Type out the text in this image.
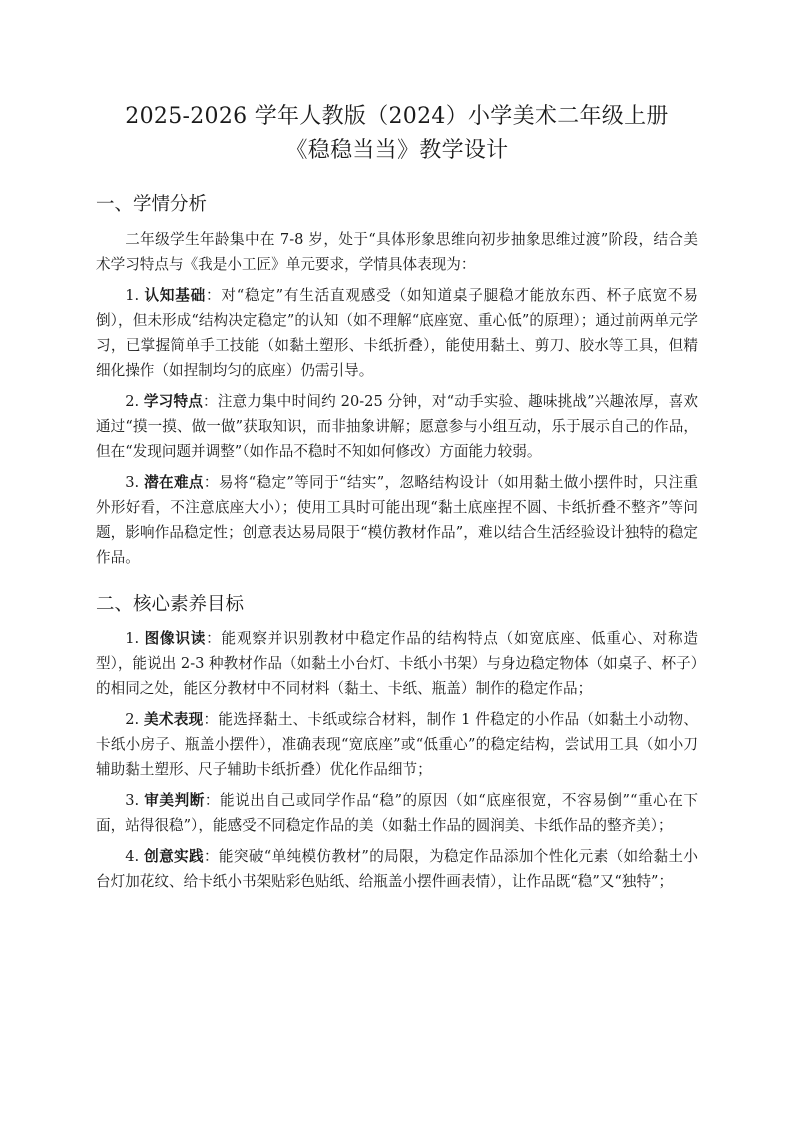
2025-2026 学年人教版（2024）小学美术二年级上册
《稳稳当当》教学设计
一、学情分析

二年级学生年龄集中在 7-8 岁，处于“具体形象思维向初步抽象思维过渡”阶段，结合美术学习特点与《我是小工匠》单元要求，学情具体表现为：

1. 认知基础：对“稳定”有生活直观感受（如知道桌子腿稳才能放东西、杯子底宽不易倒），但未形成“结构决定稳定”的认知（如不理解“底座宽、重心低”的原理）；通过前两单元学习，已掌握简单手工技能（如黏土塑形、卡纸折叠），能使用黏土、剪刀、胶水等工具，但精细化操作（如捏制均匀的底座）仍需引导。

2. 学习特点：注意力集中时间约 20-25 分钟，对“动手实验、趣味挑战”兴趣浓厚，喜欢通过“摸一摸、做一做”获取知识，而非抽象讲解；愿意参与小组互动，乐于展示自己的作品，但在“发现问题并调整”（如作品不稳时不知如何修改）方面能力较弱。

3. 潜在难点：易将“稳定”等同于“结实”，忽略结构设计（如用黏土做小摆件时，只注重外形好看，不注意底座大小）；使用工具时可能出现“黏土底座捏不圆、卡纸折叠不整齐”等问题，影响作品稳定性；创意表达易局限于“模仿教材作品”，难以结合生活经验设计独特的稳定作品。

二、核心素养目标

1. 图像识读：能观察并识别教材中稳定作品的结构特点（如宽底座、低重心、对称造型），能说出 2-3 种教材作品（如黏土小台灯、卡纸小书架）与身边稳定物体（如桌子、杯子）的相同之处，能区分教材中不同材料（黏土、卡纸、瓶盖）制作的稳定作品；

2. 美术表现：能选择黏土、卡纸或综合材料，制作 1 件稳定的小作品（如黏土小动物、卡纸小房子、瓶盖小摆件），准确表现“宽底座”或“低重心”的稳定结构，尝试用工具（如小刀辅助黏土塑形、尺子辅助卡纸折叠）优化作品细节；

3. 审美判断：能说出自己或同学作品“稳”的原因（如“底座很宽，不容易倒”“重心在下面，站得很稳”），能感受不同稳定作品的美（如黏土作品的圆润美、卡纸作品的整齐美）；

4. 创意实践：能突破“单纯模仿教材”的局限，为稳定作品添加个性化元素（如给黏土小台灯加花纹、给卡纸小书架贴彩色贴纸、给瓶盖小摆件画表情），让作品既“稳”又“独特”；
